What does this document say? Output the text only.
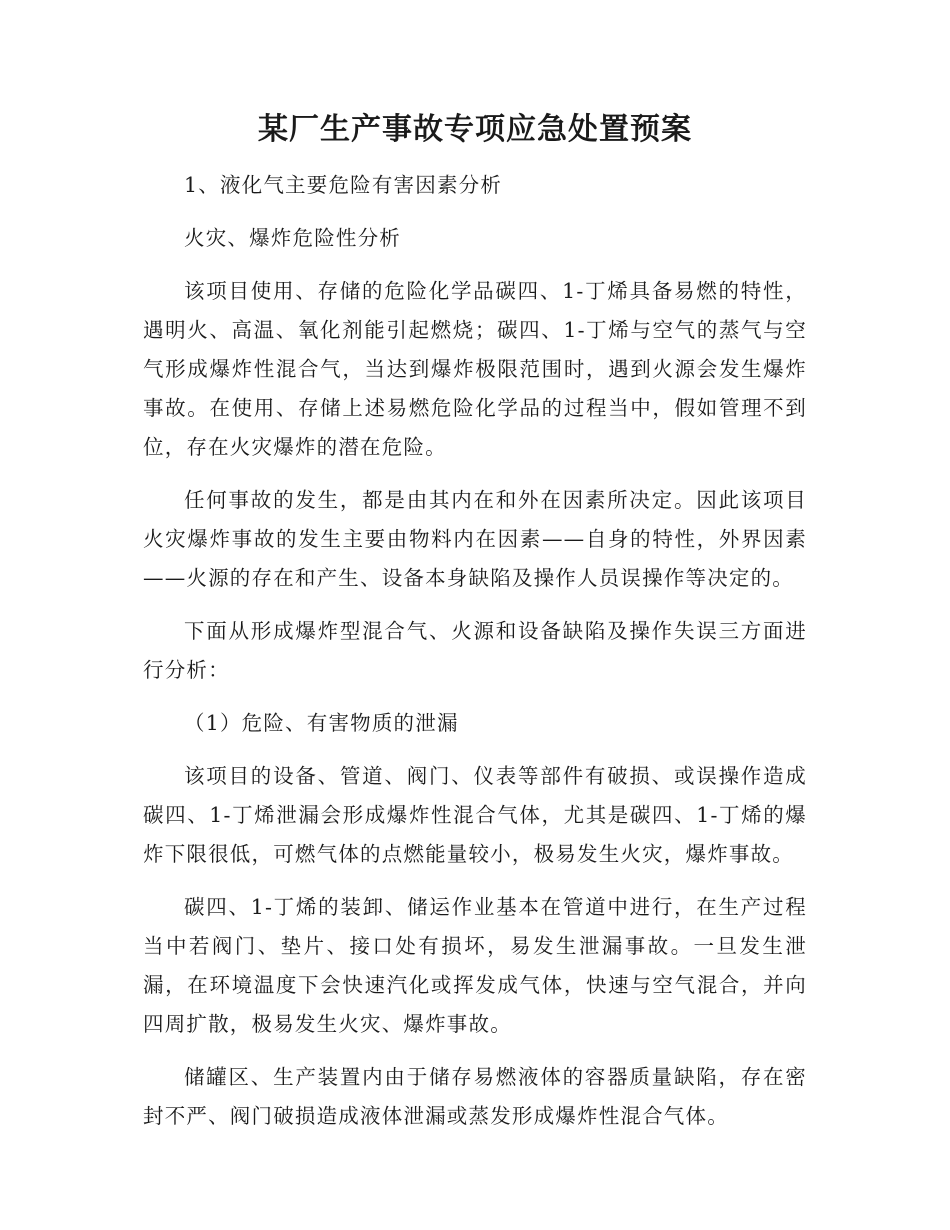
某厂生产事故专项应急处置预案

1、液化气主要危险有害因素分析

火灾、爆炸危险性分析

该项目使用、存储的危险化学品碳四、1-丁烯具备易燃的特性，遇明火、高温、氧化剂能引起燃烧；碳四、1-丁烯与空气的蒸气与空气形成爆炸性混合气，当达到爆炸极限范围时，遇到火源会发生爆炸事故。在使用、存储上述易燃危险化学品的过程当中，假如管理不到位，存在火灾爆炸的潜在危险。

任何事故的发生，都是由其内在和外在因素所决定。因此该项目火灾爆炸事故的发生主要由物料内在因素——自身的特性，外界因素——火源的存在和产生、设备本身缺陷及操作人员误操作等决定的。

下面从形成爆炸型混合气、火源和设备缺陷及操作失误三方面进行分析：

（1）危险、有害物质的泄漏

该项目的设备、管道、阀门、仪表等部件有破损、或误操作造成碳四、1-丁烯泄漏会形成爆炸性混合气体，尤其是碳四、1-丁烯的爆炸下限很低，可燃气体的点燃能量较小，极易发生火灾，爆炸事故。

碳四、1-丁烯的装卸、储运作业基本在管道中进行，在生产过程当中若阀门、垫片、接口处有损坏，易发生泄漏事故。一旦发生泄漏，在环境温度下会快速汽化或挥发成气体，快速与空气混合，并向四周扩散，极易发生火灾、爆炸事故。

储罐区、生产装置内由于储存易燃液体的容器质量缺陷，存在密封不严、阀门破损造成液体泄漏或蒸发形成爆炸性混合气体。
